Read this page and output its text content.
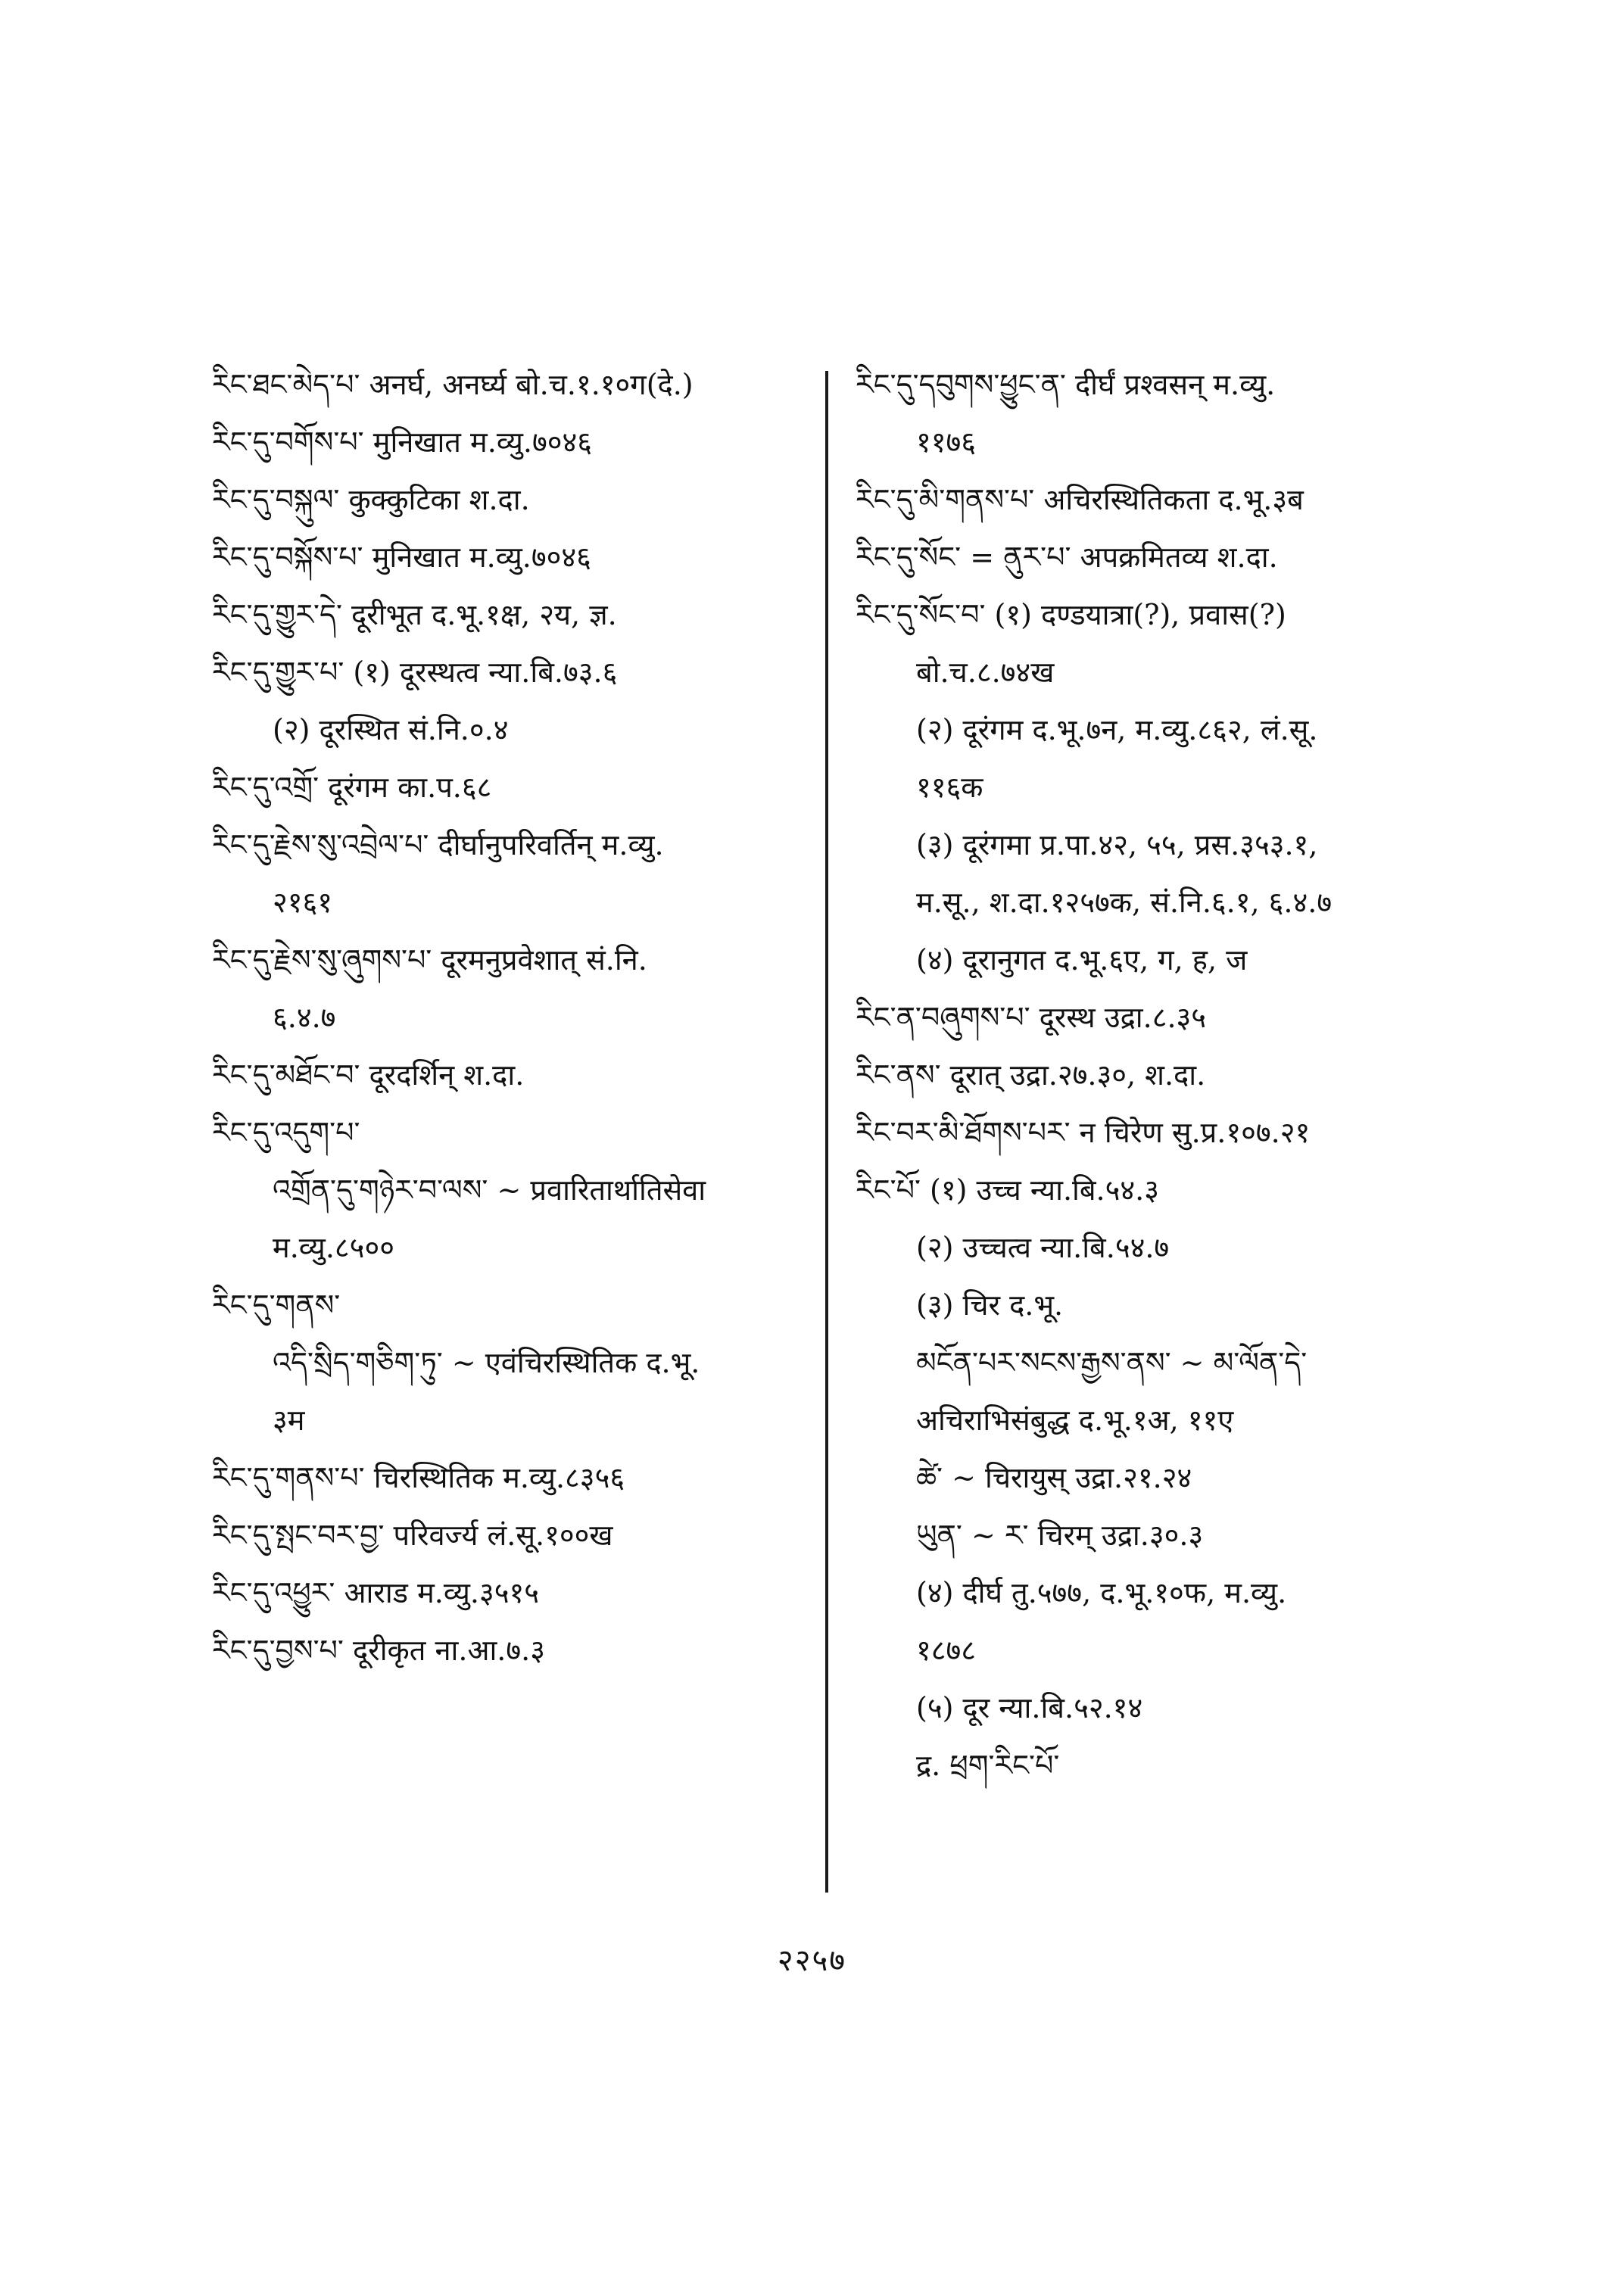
རིང་ཐང་མེད་པ་ अनर्घ, अनर्घ्य बो.च.१.१०ग(दे.)
རིང་དུ་བགོས་པ་ मुनिखात म.व्यु.७०४६
རིང་དུ་བསྐུལ་ कुक्कुटिका श.दा.
རིང་དུ་བསྐོས་པ་ मुनिखात म.व्यु.७०४६
རིང་དུ་གྱུར་དེ་ दूरीभूत द.भू.१क्ष, २य, ज्ञ.
རིང་དུ་གྱུར་པ་ (१) दूरस्थत्व न्या.बि.७३.६
(२) दूरस्थित सं.नि.०.४
རིང་དུ་འགྲོ་ दूरंगम का.प.६८
རིང་དུ་རྗེས་སུ་འབྲེལ་པ་ दीर्घानुपरिवर्तिन् म.व्यु.
२१६१
རིང་དུ་རྗེས་སུ་ཞུགས་པ་ दूरमनुप्रवेशात् सं.नि.
६.४.७
རིང་དུ་མཐོང་བ་ दूरदर्शिन् श.दा.
རིང་དུ་འདུག་པ་
འགྲོན་དུ་གཉེར་བ་ལས་ ~ प्रवारितार्थातिसेवा
म.व्यु.८५००
རིང་དུ་གནས་
འདི་སྲིད་གཅིག་ཏུ་ ~ एवंचिरस्थितिक द.भू.
३म
རིང་དུ་གནས་པ་ चिरस्थितिक म.व्यु.८३५६
རིང་དུ་སྤང་བར་བྱ་ परिवर्ज्य लं.सू.१००ख
རིང་དུ་འཕྱུར་ आराड म.व्यु.३५१५
རིང་དུ་བྱས་པ་ दूरीकृत ना.आ.७.३
རིང་དུ་དབུགས་ཕྱུང་ན་ दीर्घं प्रश्वसन् म.व्यु.
११७६
རིང་དུ་མི་གནས་པ་ अचिरस्थितिकता द.भू.३ब
རིང་དུ་སོང་ = ནུར་པ་ अपक्रमितव्य श.दा.
རིང་དུ་སོང་བ་ (१) दण्डयात्रा(?), प्रवास(?)
बो.च.८.७४ख
(२) दूरंगम द.भू.७न, म.व्यु.८६२, लं.सू.
११६क
(३) दूरंगमा प्र.पा.४२, ५५, प्रस.३५३.१,
म.सू., श.दा.१२५७क, सं.नि.६.१, ६.४.७
(४) दूरानुगत द.भू.६ए, ग, ह, ज
རིང་ན་བཞུགས་པ་ दूरस्थ उद्रा.८.३५
རིང་ནས་ दूरात् उद्रा.२७.३०, श.दा.
རིང་བར་མི་ཐོགས་པར་ न चिरेण सु.प्र.१०७.२१
རིང་པོ་ (१) उच्च न्या.बि.५४.३
(२) उच्चत्व न्या.बि.५४.७
(३) चिर द.भू.
མངོན་པར་སངས་རྒྱས་ནས་ ~ མ་ལོན་དེ་
अचिराभिसंबुद्ध द.भू.१अ, ११ए
ཚེ་ ~ चिरायुस् उद्रा.२१.२४
ཡུན་ ~ ར་ चिरम् उद्रा.३०.३
(४) दीर्घ तु.५७७, द.भू.१०फ, म.व्यु.
१८७८
(५) दूर न्या.बि.५२.१४
द्र. ཕྲག་རིང་པོ་
२२५७
